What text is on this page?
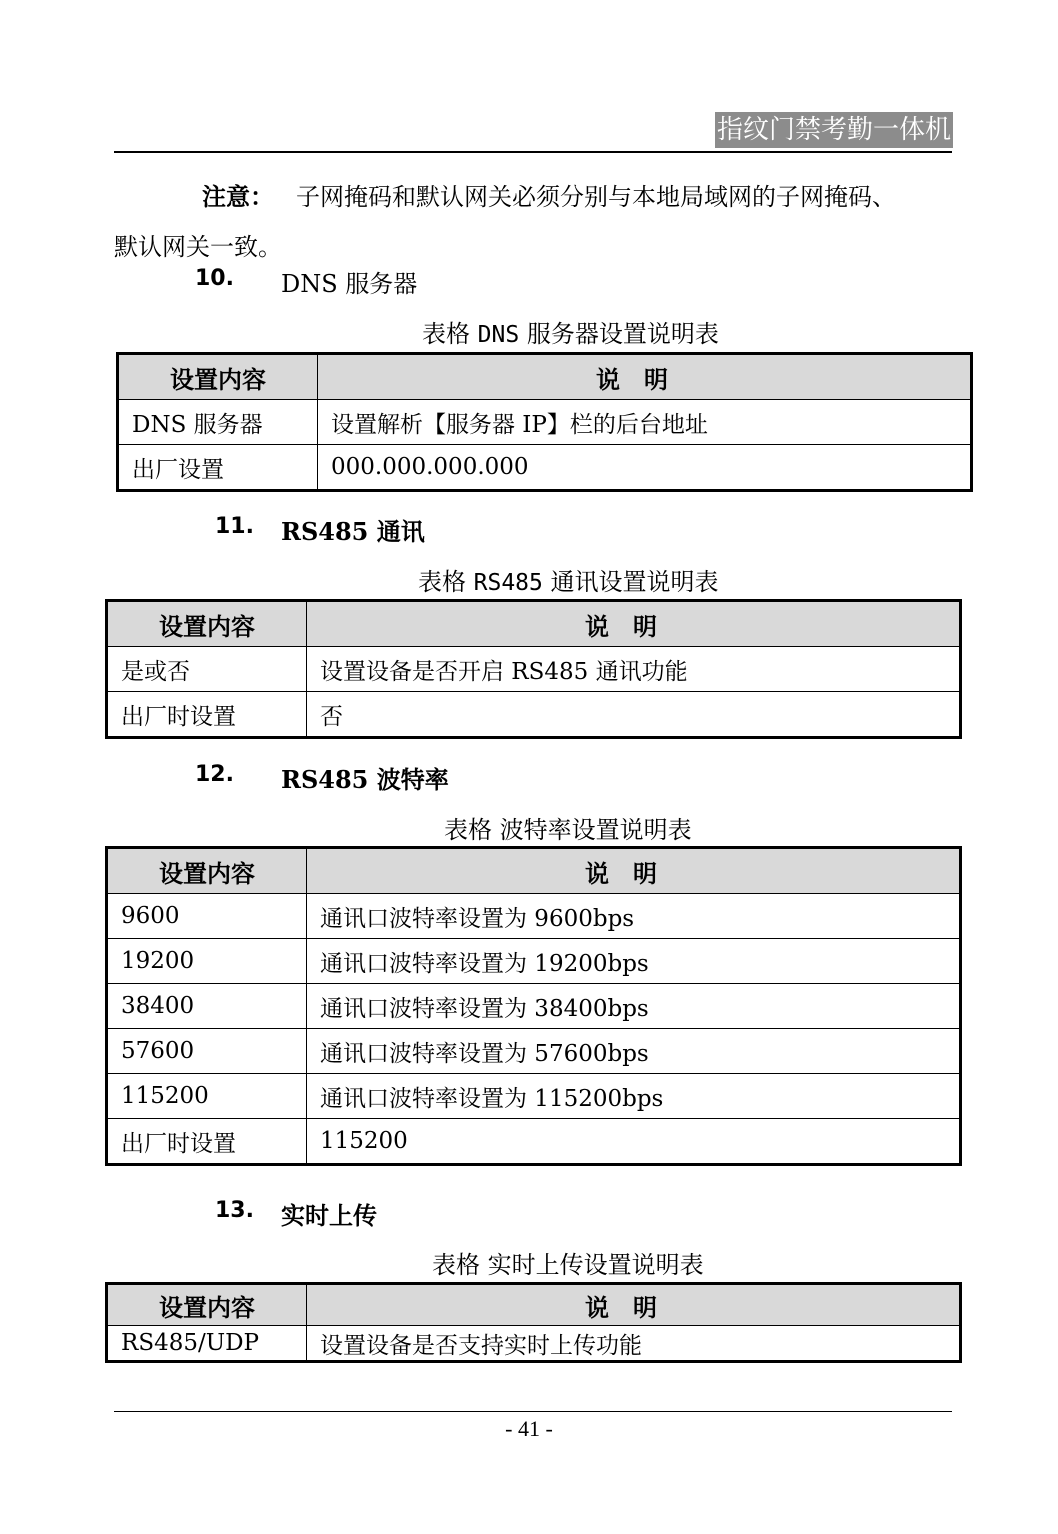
指纹门禁考勤一体机
注意： 子网掩码和默认网关必须分别与本地局域网的子网掩码、
默认网关一致。
10. DNS 服务器
表格 DNS 服务器设置说明表
设置内容	说明
DNS 服务器	设置解析【服务器 IP】栏的后台地址
出厂设置	000.000.000.000
11. RS485 通讯
表格 RS485 通讯设置说明表
设置内容	说明
是或否	设置设备是否开启 RS485 通讯功能
出厂时设置	否
12. RS485 波特率
表格 波特率设置说明表
设置内容	说明
9600	通讯口波特率设置为 9600bps
19200	通讯口波特率设置为 19200bps
38400	通讯口波特率设置为 38400bps
57600	通讯口波特率设置为 57600bps
115200	通讯口波特率设置为 115200bps
出厂时设置	115200
13. 实时上传
表格 实时上传设置说明表
设置内容	说明
RS485/UDP	设置设备是否支持实时上传功能
- 41 -
